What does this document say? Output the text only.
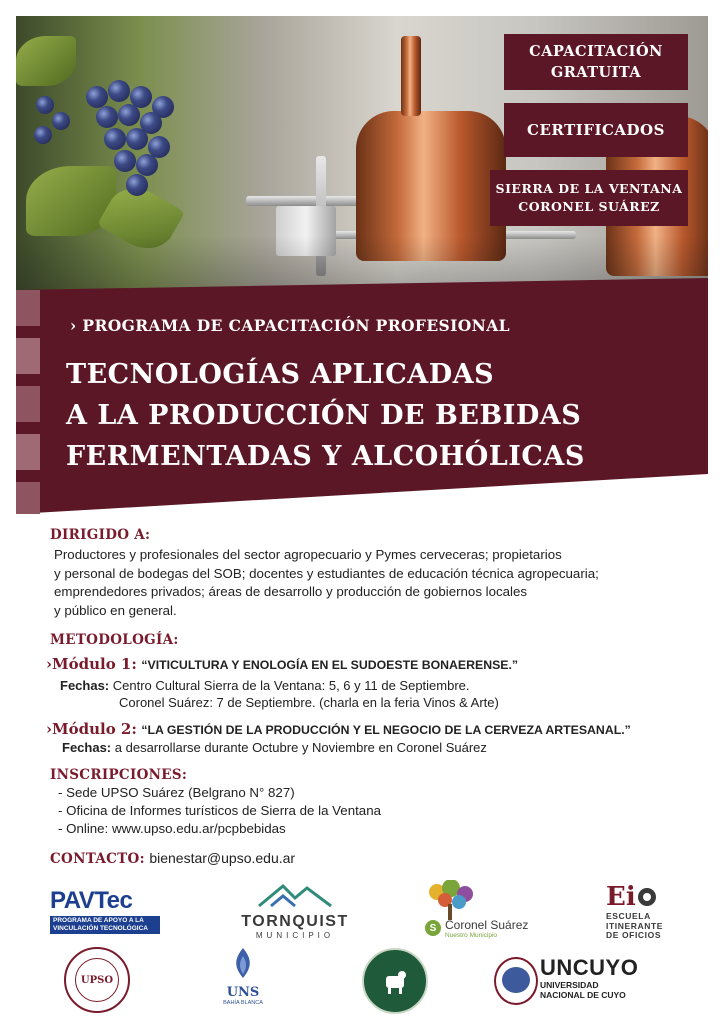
CAPACITACIÓN
GRATUITA
CERTIFICADOS
SIERRA DE LA VENTANA
CORONEL SUÁREZ
› PROGRAMA DE CAPACITACIÓN PROFESIONAL
TECNOLOGÍAS APLICADAS
A LA PRODUCCIÓN DE BEBIDAS
FERMENTADAS Y ALCOHÓLICAS
DIRIGIDO A:
Productores y profesionales del sector agropecuario y Pymes cerveceras; propietarios
y personal de bodegas del SOB; docentes y estudiantes de educación técnica agropecuaria;
emprendedores privados; áreas de desarrollo y producción de gobiernos locales
y público en general.
METODOLOGÍA:
›Módulo 1: “VITICULTURA Y ENOLOGÍA EN EL SUDOESTE BONAERENSE.”
Fechas: Centro Cultural Sierra de la Ventana: 5, 6 y 11 de Septiembre.
Coronel Suárez: 7 de Septiembre. (charla en la feria Vinos & Arte)
›Módulo 2: “LA GESTIÓN DE LA PRODUCCIÓN Y EL NEGOCIO DE LA CERVEZA ARTESANAL.”
Fechas: a desarrollarse durante Octubre y Noviembre en Coronel Suárez
INSCRIPCIONES:
- Sede UPSO Suárez (Belgrano N° 827)
- Oficina de Informes turísticos de Sierra de la Ventana
- Online: www.upso.edu.ar/pcpbebidas
CONTACTO: bienestar@upso.edu.ar
PAVTec
PROGRAMA DE APOYO A LA
VINCULACIÓN TECNOLÓGICA	TORNQUIST
MUNICIPIO
S Coronel Suárez
Nuestro Municipio
Ei
ESCUELA
ITINERANTE
DE OFICIOS
UPSO
UNS
BAHÍA BLANCA
UNCUYO
UNIVERSIDAD
NACIONAL DE CUYO
